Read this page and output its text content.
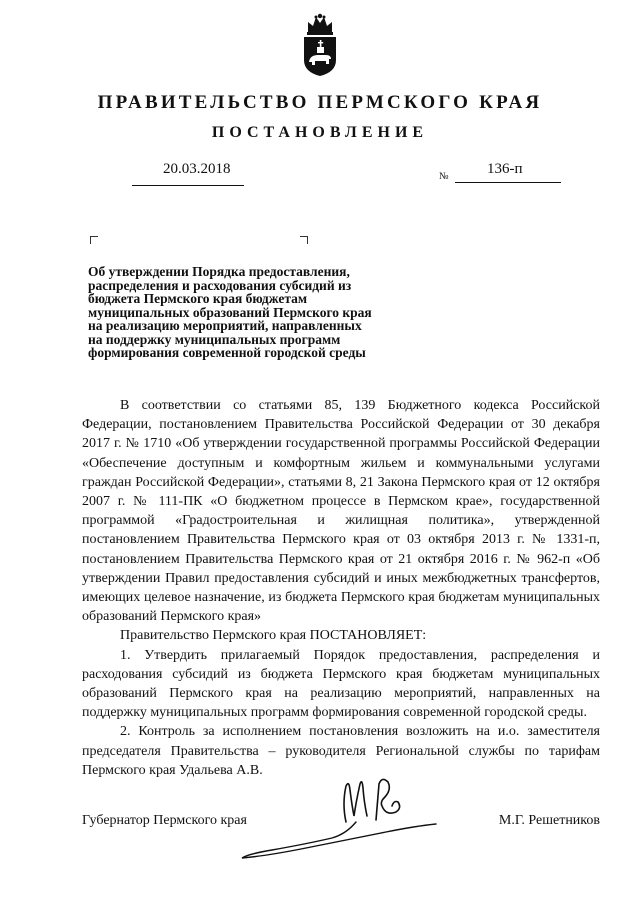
ПРАВИТЕЛЬСТВО ПЕРМСКОГО КРАЯ
ПОСТАНОВЛЕНИЕ
20.03.2018	№	136-п
Об утверждении Порядка предоставления, распределения и расходования субсидий из бюджета Пермского края бюджетам муниципальных образований Пермского края на реализацию мероприятий, направленных на поддержку муниципальных программ формирования современной городской среды

В соответствии со статьями 85, 139 Бюджетного кодекса Российской Федерации, постановлением Правительства Российской Федерации от 30 декабря 2017 г. № 1710 «Об утверждении государственной программы Российской Федерации «Обеспечение доступным и комфортным жильем и коммунальными услугами граждан Российской Федерации», статьями 8, 21 Закона Пермского края от 12 октября 2007 г. № 111-ПК «О бюджетном процессе в Пермском крае», государственной программой «Градостроительная и жилищная политика», утвержденной постановлением Правительства Пермского края от 03 октября 2013 г. № 1331-п, постановлением Правительства Пермского края от 21 октября 2016 г. № 962-п «Об утверждении Правил предоставления субсидий и иных межбюджетных трансфертов, имеющих целевое назначение, из бюджета Пермского края бюджетам муниципальных образований Пермского края»

Правительство Пермского края ПОСТАНОВЛЯЕТ:

1. Утвердить прилагаемый Порядок предоставления, распределения и расходования субсидий из бюджета Пермского края бюджетам муниципальных образований Пермского края на реализацию мероприятий, направленных на поддержку муниципальных программ формирования современной городской среды.

2. Контроль за исполнением постановления возложить на и.о. заместителя председателя Правительства – руководителя Региональной службы по тарифам Пермского края Удальева А.В.

Губернатор Пермского края	М.Г. Решетников
